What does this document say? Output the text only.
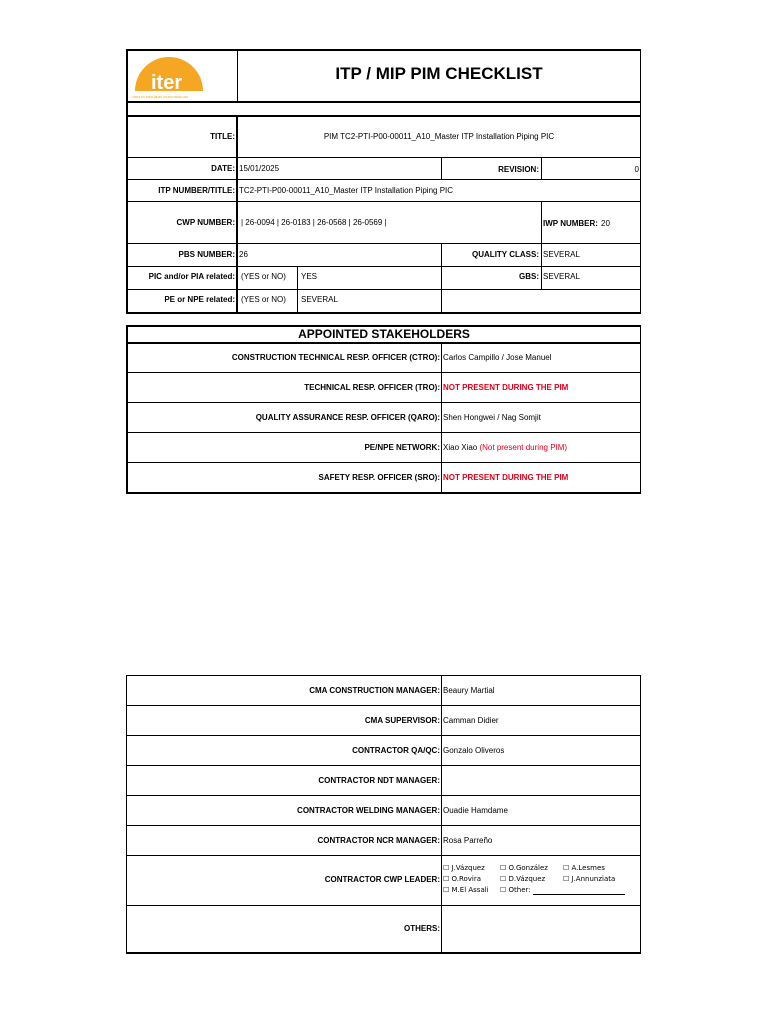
iter
china eu india japan korea russia usa
ITP / MIP PIM CHECKLIST
TITLE:	PIM TC2-PTI-P00-00011_A10_Master ITP Installation Piping PIC
DATE: 15/01/2025	REVISION:	0
ITP NUMBER/TITLE: TC2-PTI-P00-00011_A10_Master ITP Installation Piping PIC
CWP NUMBER: | 26-0094 | 26-0183 | 26-0568 | 26-0569 |	IWP NUMBER: 20
PBS NUMBER: 26	QUALITY CLASS: SEVERAL
PIC and/or PIA related: (YES or NO) YES	GBS: SEVERAL
PE or NPE related: (YES or NO) SEVERAL
APPOINTED STAKEHOLDERS
CONSTRUCTION TECHNICAL RESP. OFFICER (CTRO): Carlos Campillo / Jose Manuel
TECHNICAL RESP. OFFICER (TRO): NOT PRESENT DURING THE PIM
QUALITY ASSURANCE RESP. OFFICER (QARO): Shen Hongwei / Nag Somjit
PE/NPE NETWORK: Xiao Xiao (Not present during PIM)
SAFETY RESP. OFFICER (SRO): NOT PRESENT DURING THE PIM
CMA CONSTRUCTION MANAGER: Beaury Martial
CMA SUPERVISOR: Camman Didier
CONTRACTOR QA/QC: Gonzalo Oliveros
CONTRACTOR NDT MANAGER:
CONTRACTOR WELDING MANAGER: Ouadie Hamdame
CONTRACTOR NCR MANAGER: Rosa Parreño
CONTRACTOR CWP LEADER:
☐ J.Vázquez ☐ O.González ☐ A.Lesmes
☐ O.Rovira	☐ D.Vázquez	☐ J.Annunziata
☐ M.El Assali ☐ Other:
OTHERS:
